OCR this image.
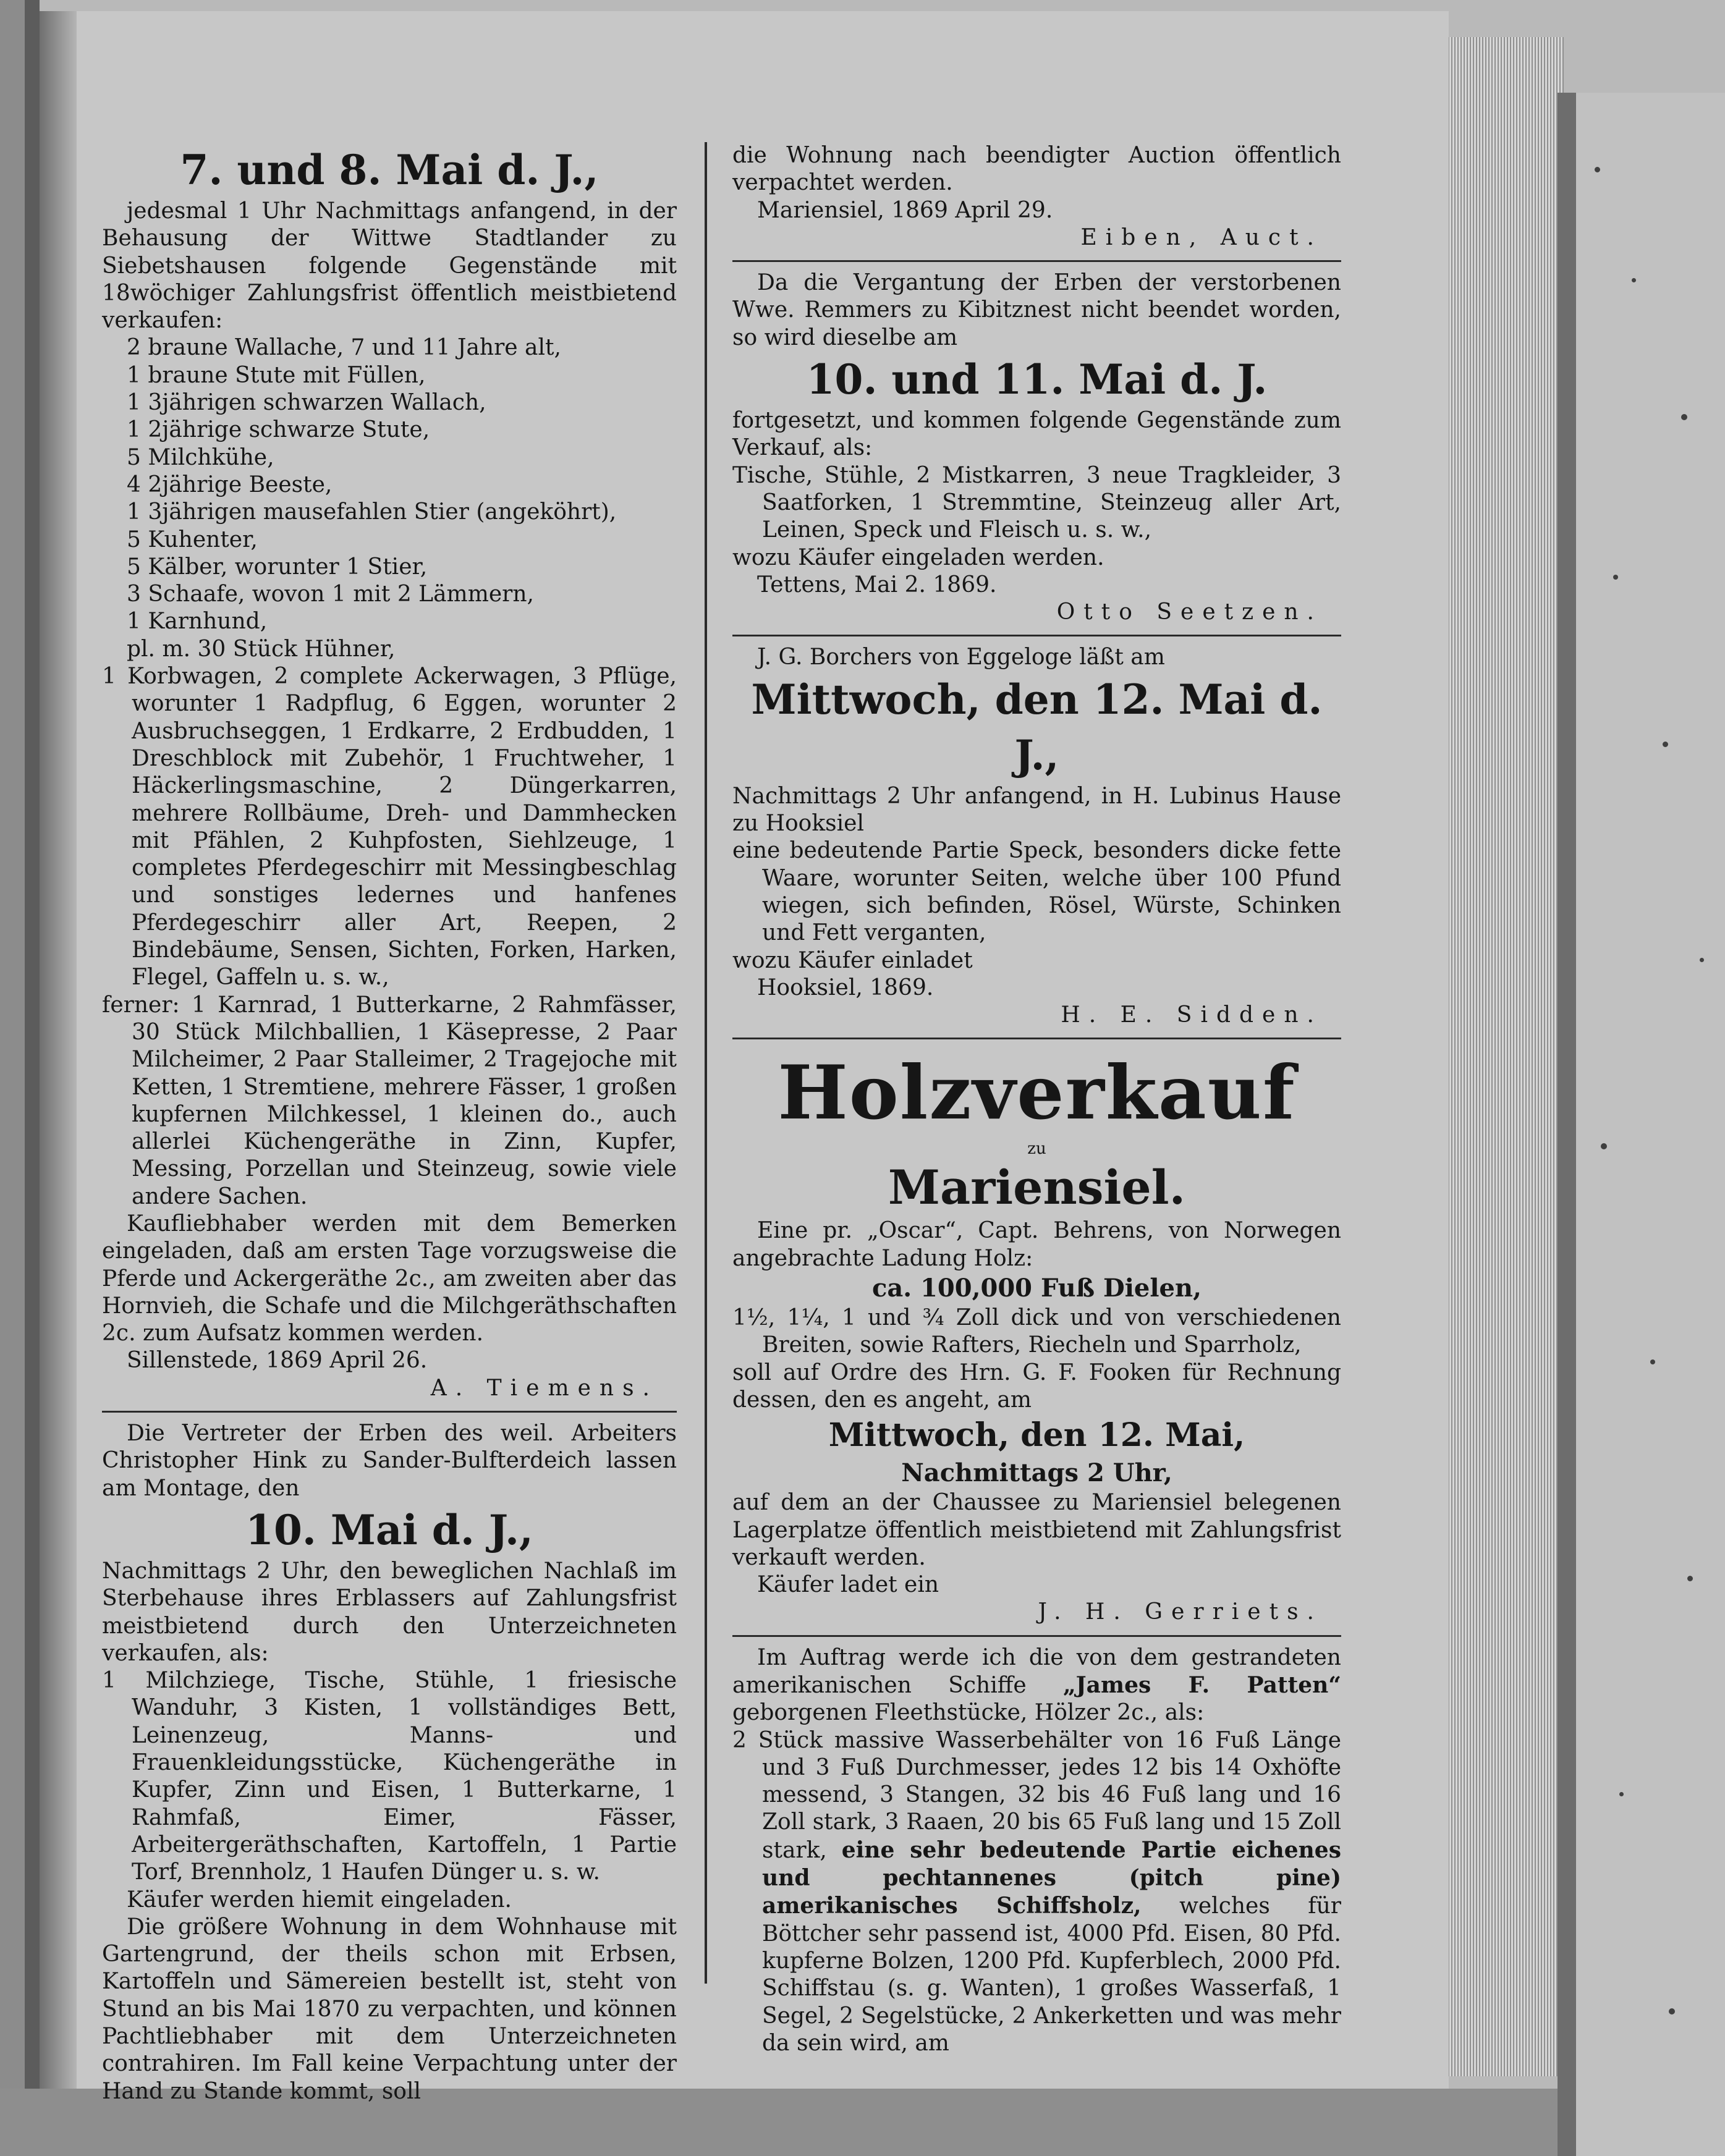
7. und 8. Mai d. J.,

jedesmal 1 Uhr Nachmittags anfangend, in der Behausung der Wittwe Stadtlander zu Siebetshausen folgende Gegenstände mit 18wöchiger Zahlungsfrist öffentlich meistbietend verkaufen:

2 braune Wallache, 7 und 11 Jahre alt,

1 braune Stute mit Füllen,

1 3jährigen schwarzen Wallach,

1 2jährige schwarze Stute,

5 Milchkühe,

4 2jährige Beeste,

1 3jährigen mausefahlen Stier (angeköhrt),

5 Kuhenter,

5 Kälber, worunter 1 Stier,

3 Schaafe, wovon 1 mit 2 Lämmern,

1 Karnhund,

pl. m. 30 Stück Hühner,

1 Korbwagen, 2 complete Ackerwagen, 3 Pflüge, worunter 1 Radpflug, 6 Eggen, worunter 2 Ausbruchseggen, 1 Erdkarre, 2 Erdbudden, 1 Dreschblock mit Zubehör, 1 Fruchtweher, 1 Häckerlingsmaschine, 2 Düngerkarren, mehrere Rollbäume, Dreh- und Dammhecken mit Pfählen, 2 Kuhpfosten, Siehlzeuge, 1 completes Pferdegeschirr mit Messingbeschlag und sonstiges ledernes und hanfenes Pferdegeschirr aller Art, Reepen, 2 Bindebäume, Sensen, Sichten, Forken, Harken, Flegel, Gaffeln u. s. w.,

ferner: 1 Karnrad, 1 Butterkarne, 2 Rahmfässer, 30 Stück Milchballien, 1 Käsepresse, 2 Paar Milcheimer, 2 Paar Stalleimer, 2 Tragejoche mit Ketten, 1 Stremtiene, mehrere Fässer, 1 großen kupfernen Milchkessel, 1 kleinen do., auch allerlei Küchengeräthe in Zinn, Kupfer, Messing, Porzellan und Steinzeug, sowie viele andere Sachen.

Kaufliebhaber werden mit dem Bemerken eingeladen, daß am ersten Tage vorzugsweise die Pferde und Ackergeräthe 2c., am zweiten aber das Hornvieh, die Schafe und die Milchgeräthschaften 2c. zum Aufsatz kommen werden.

Sillenstede, 1869 April 26.

A. Tiemens.

Die Vertreter der Erben des weil. Arbeiters Christopher Hink zu Sander-Bulfterdeich lassen am Montage, den

10. Mai d. J.,

Nachmittags 2 Uhr, den beweglichen Nachlaß im Sterbehause ihres Erblassers auf Zahlungsfrist meistbietend durch den Unterzeichneten verkaufen, als:

1 Milchziege, Tische, Stühle, 1 friesische Wanduhr, 3 Kisten, 1 vollständiges Bett, Leinenzeug, Manns- und Frauenkleidungsstücke, Küchengeräthe in Kupfer, Zinn und Eisen, 1 Butterkarne, 1 Rahmfaß, Eimer, Fässer, Arbeitergeräthschaften, Kartoffeln, 1 Partie Torf, Brennholz, 1 Haufen Dünger u. s. w.

Käufer werden hiemit eingeladen.

Die größere Wohnung in dem Wohnhause mit Gartengrund, der theils schon mit Erbsen, Kartoffeln und Sämereien bestellt ist, steht von Stund an bis Mai 1870 zu verpachten, und können Pachtliebhaber mit dem Unterzeichneten contrahiren. Im Fall keine Verpachtung unter der Hand zu Stande kommt, soll

die Wohnung nach beendigter Auction öffentlich verpachtet werden.

Mariensiel, 1869 April 29.

Eiben, Auct.

Da die Vergantung der Erben der verstorbenen Wwe. Remmers zu Kibitznest nicht beendet worden, so wird dieselbe am

10. und 11. Mai d. J.

fortgesetzt, und kommen folgende Gegenstände zum Verkauf, als:

Tische, Stühle, 2 Mistkarren, 3 neue Tragkleider, 3 Saatforken, 1 Stremmtine, Steinzeug aller Art, Leinen, Speck und Fleisch u. s. w.,

wozu Käufer eingeladen werden.

Tettens, Mai 2. 1869.

Otto Seetzen.

J. G. Borchers von Eggeloge läßt am

Mittwoch, den 12. Mai d. J.,

Nachmittags 2 Uhr anfangend, in H. Lubinus Hause zu Hooksiel

eine bedeutende Partie Speck, besonders dicke fette Waare, worunter Seiten, welche über 100 Pfund wiegen, sich befinden, Rösel, Würste, Schinken und Fett verganten,

wozu Käufer einladet

Hooksiel, 1869.

H. E. Sidden.

Holzverkauf

zu

Mariensiel.

Eine pr. „Oscar“, Capt. Behrens, von Norwegen angebrachte Ladung Holz:

ca. 100,000 Fuß Dielen,

1½, 1¼, 1 und ¾ Zoll dick und von verschiedenen Breiten, sowie Rafters, Riecheln und Sparrholz,

soll auf Ordre des Hrn. G. F. Fooken für Rechnung dessen, den es angeht, am

Mittwoch, den 12. Mai,

Nachmittags 2 Uhr,

auf dem an der Chaussee zu Mariensiel belegenen Lagerplatze öffentlich meistbietend mit Zahlungsfrist verkauft werden.

Käufer ladet ein

J. H. Gerriets.

Im Auftrag werde ich die von dem gestrandeten amerikanischen Schiffe „James F. Patten“ geborgenen Fleethstücke, Hölzer 2c., als:

2 Stück massive Wasserbehälter von 16 Fuß Länge und 3 Fuß Durchmesser, jedes 12 bis 14 Oxhöfte messend, 3 Stangen, 32 bis 46 Fuß lang und 16 Zoll stark, 3 Raaen, 20 bis 65 Fuß lang und 15 Zoll stark, eine sehr bedeutende Partie eichenes und pechtannenes (pitch pine) amerikanisches Schiffsholz, welches für Böttcher sehr passend ist, 4000 Pfd. Eisen, 80 Pfd. kupferne Bolzen, 1200 Pfd. Kupferblech, 2000 Pfd. Schiffstau (s. g. Wanten), 1 großes Wasserfaß, 1 Segel, 2 Segelstücke, 2 Ankerketten und was mehr da sein wird, am
